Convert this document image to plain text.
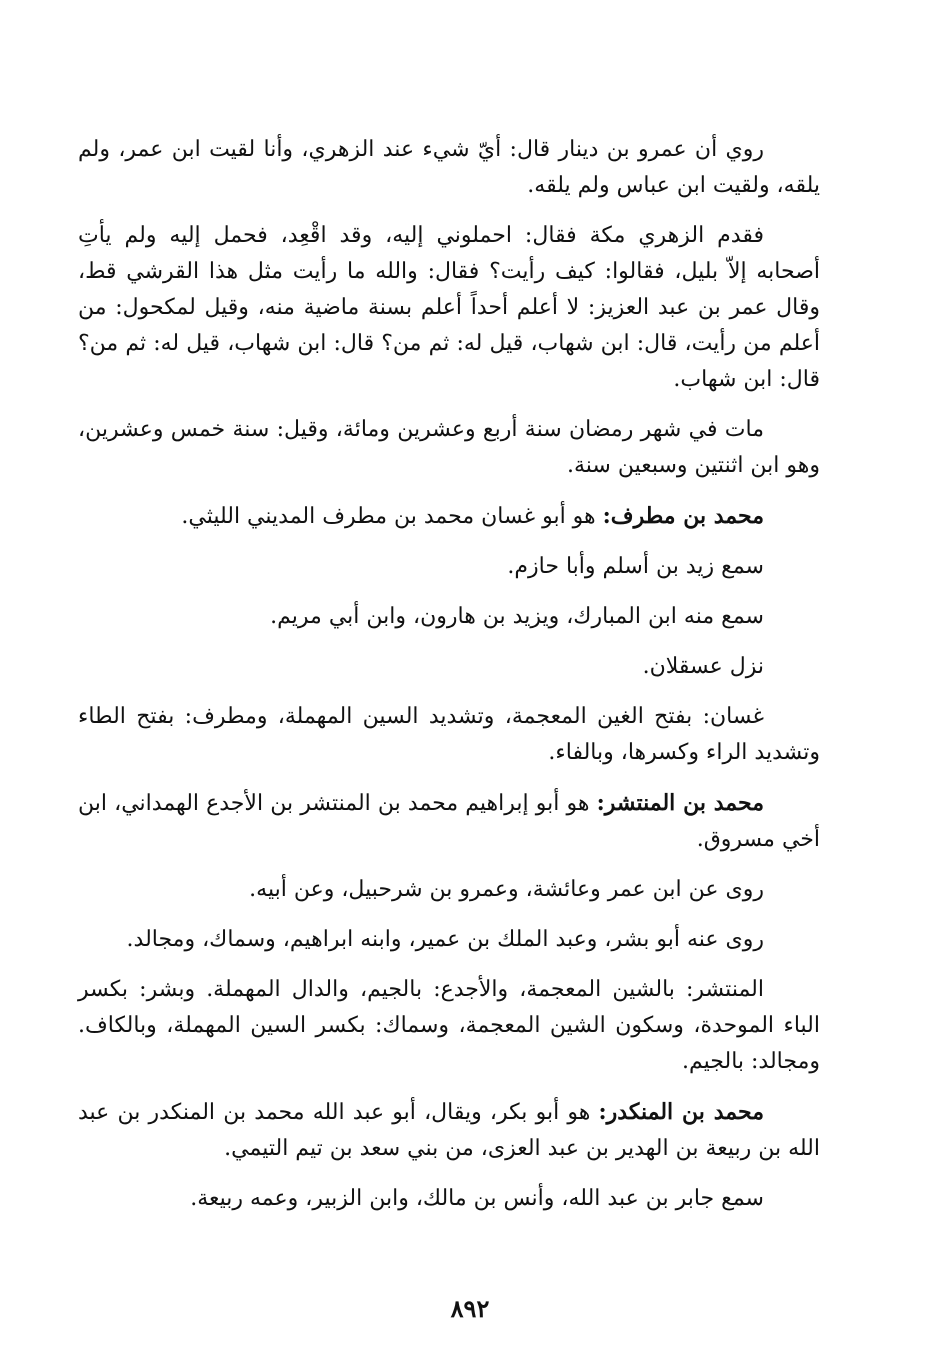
روي أن عمرو بن دينار قال: أيّ شيء عند الزهري، وأنا لقيت ابن عمر، ولم يلقه، ولقيت ابن عباس ولم يلقه.

فقدم الزهري مكة فقال: احملوني إليه، وقد اقْعِد، فحمل إليه ولم يأتِ أصحابه إلاّ بليل، فقالوا: كيف رأيت؟ فقال: والله ما رأيت مثل هذا القرشي قط، وقال عمر بن عبد العزيز: لا أعلم أحداً أعلم بسنة ماضية منه، وقيل لمكحول: من أعلم من رأيت، قال: ابن شهاب، قيل له: ثم من؟ قال: ابن شهاب، قيل له: ثم من؟ قال: ابن شهاب.

مات في شهر رمضان سنة أربع وعشرين ومائة، وقيل: سنة خمس وعشرين، وهو ابن اثنتين وسبعين سنة.

محمد بن مطرف: هو أبو غسان محمد بن مطرف المديني الليثي.

سمع زيد بن أسلم وأبا حازم.

سمع منه ابن المبارك، ويزيد بن هارون، وابن أبي مريم.

نزل عسقلان.

غسان: بفتح الغين المعجمة، وتشديد السين المهملة، ومطرف: بفتح الطاء وتشديد الراء وكسرها، وبالفاء.

محمد بن المنتشر: هو أبو إبراهيم محمد بن المنتشر بن الأجدع الهمداني، ابن أخي مسروق.

روى عن ابن عمر وعائشة، وعمرو بن شرحبيل، وعن أبيه.

روى عنه أبو بشر، وعبد الملك بن عمير، وابنه ابراهيم، وسماك، ومجالد.

المنتشر: بالشين المعجمة، والأجدع: بالجيم، والدال المهملة. وبشر: بكسر الباء الموحدة، وسكون الشين المعجمة، وسماك: بكسر السين المهملة، وبالكاف. ومجالد: بالجيم.

محمد بن المنكدر: هو أبو بكر، ويقال، أبو عبد الله محمد بن المنكدر بن عبد الله بن ربيعة بن الهدير بن عبد العزى، من بني سعد بن تيم التيمي.

سمع جابر بن عبد الله، وأنس بن مالك، وابن الزبير، وعمه ربيعة.

٨٩٢
